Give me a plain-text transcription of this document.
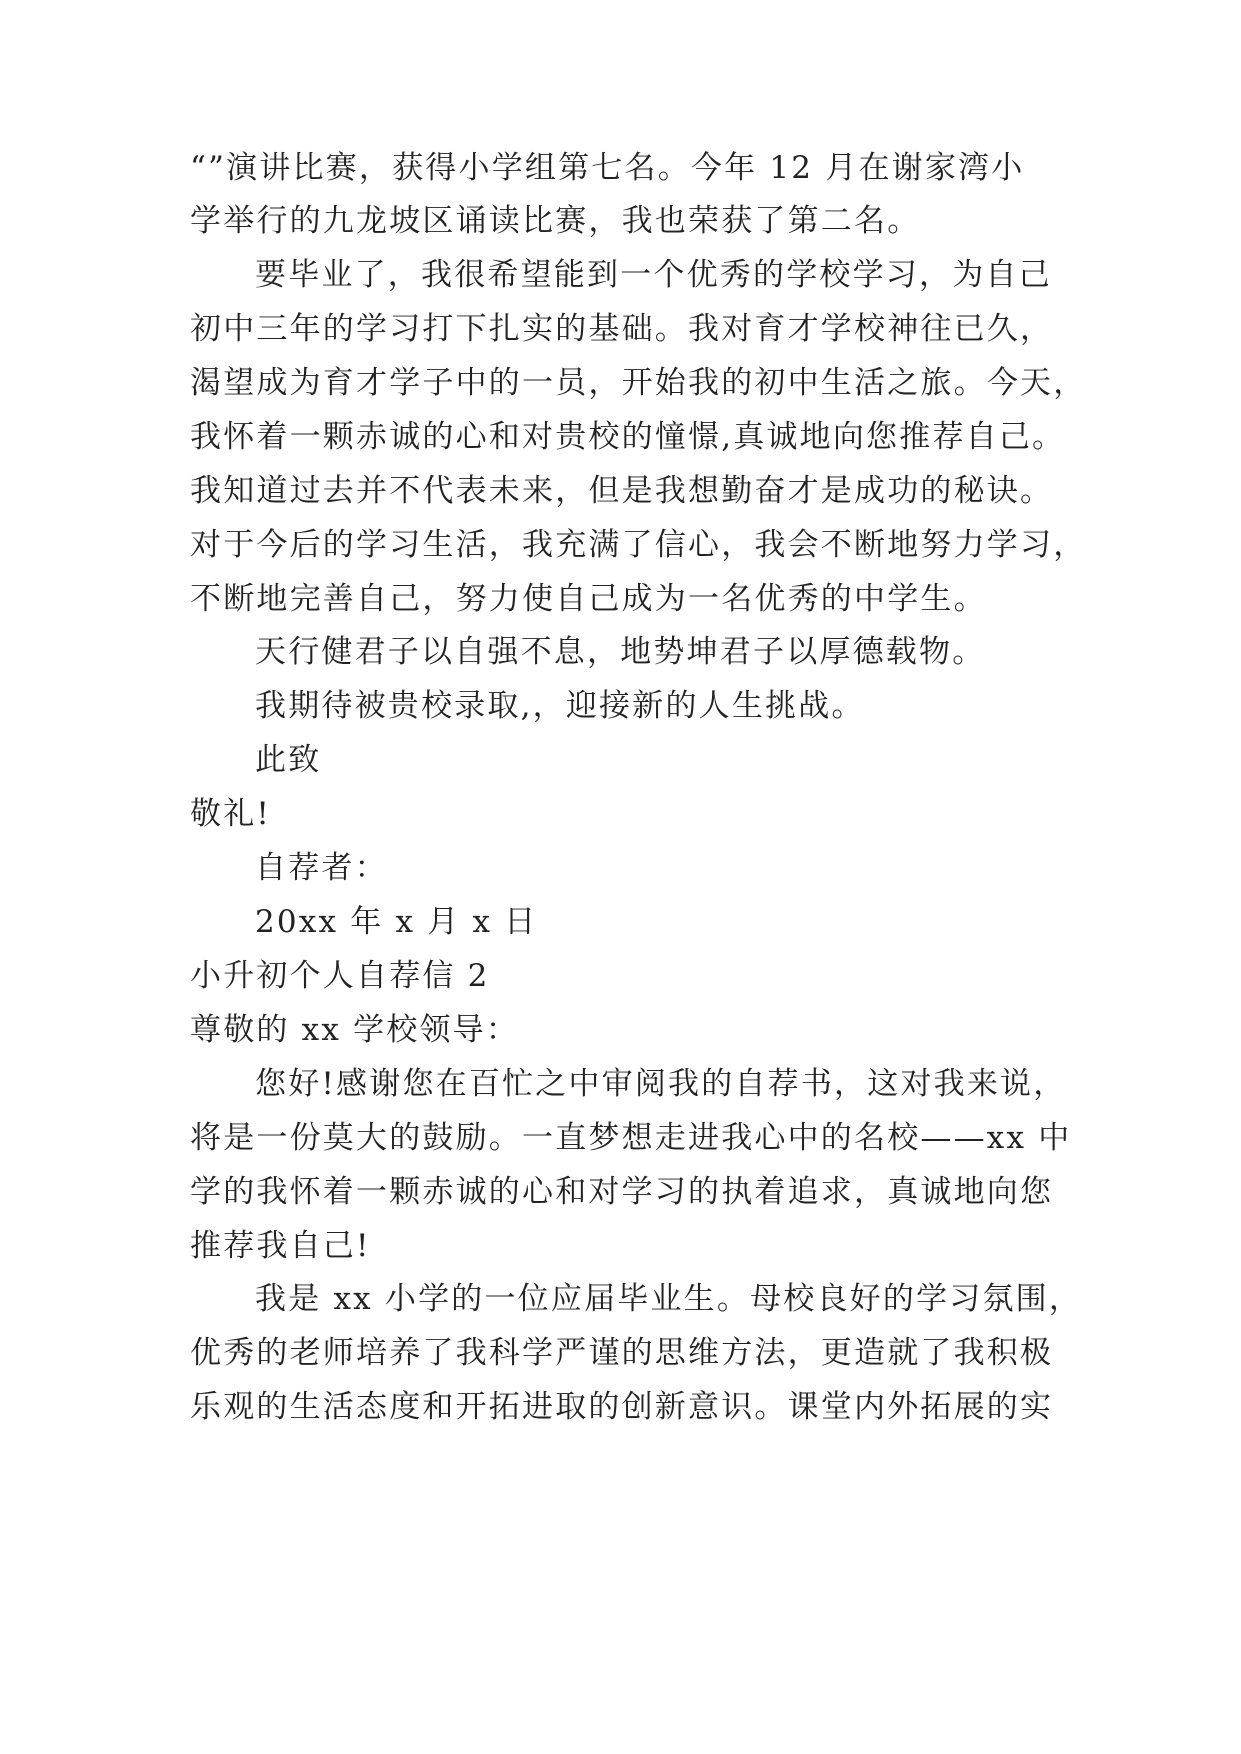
“”演讲比赛，获得小学组第七名。今年 12 月在谢家湾小
学举行的九龙坡区诵读比赛，我也荣获了第二名。
要毕业了，我很希望能到一个优秀的学校学习，为自己
初中三年的学习打下扎实的基础。我对育才学校神往已久，
渴望成为育才学子中的一员，开始我的初中生活之旅。今天，
我怀着一颗赤诚的心和对贵校的憧憬,真诚地向您推荐自己。
我知道过去并不代表未来，但是我想勤奋才是成功的秘诀。
对于今后的学习生活，我充满了信心，我会不断地努力学习，
不断地完善自己，努力使自己成为一名优秀的中学生。
天行健君子以自强不息，地势坤君子以厚德载物。
我期待被贵校录取,，迎接新的人生挑战。
此致
敬礼!
自荐者：
20xx 年 x 月 x 日
小升初个人自荐信 2
尊敬的 xx 学校领导：
您好!感谢您在百忙之中审阅我的自荐书，这对我来说，
将是一份莫大的鼓励。一直梦想走进我心中的名校——xx 中
学的我怀着一颗赤诚的心和对学习的执着追求，真诚地向您
推荐我自己!
我是 xx 小学的一位应届毕业生。母校良好的学习氛围，
优秀的老师培养了我科学严谨的思维方法，更造就了我积极
乐观的生活态度和开拓进取的创新意识。课堂内外拓展的实
